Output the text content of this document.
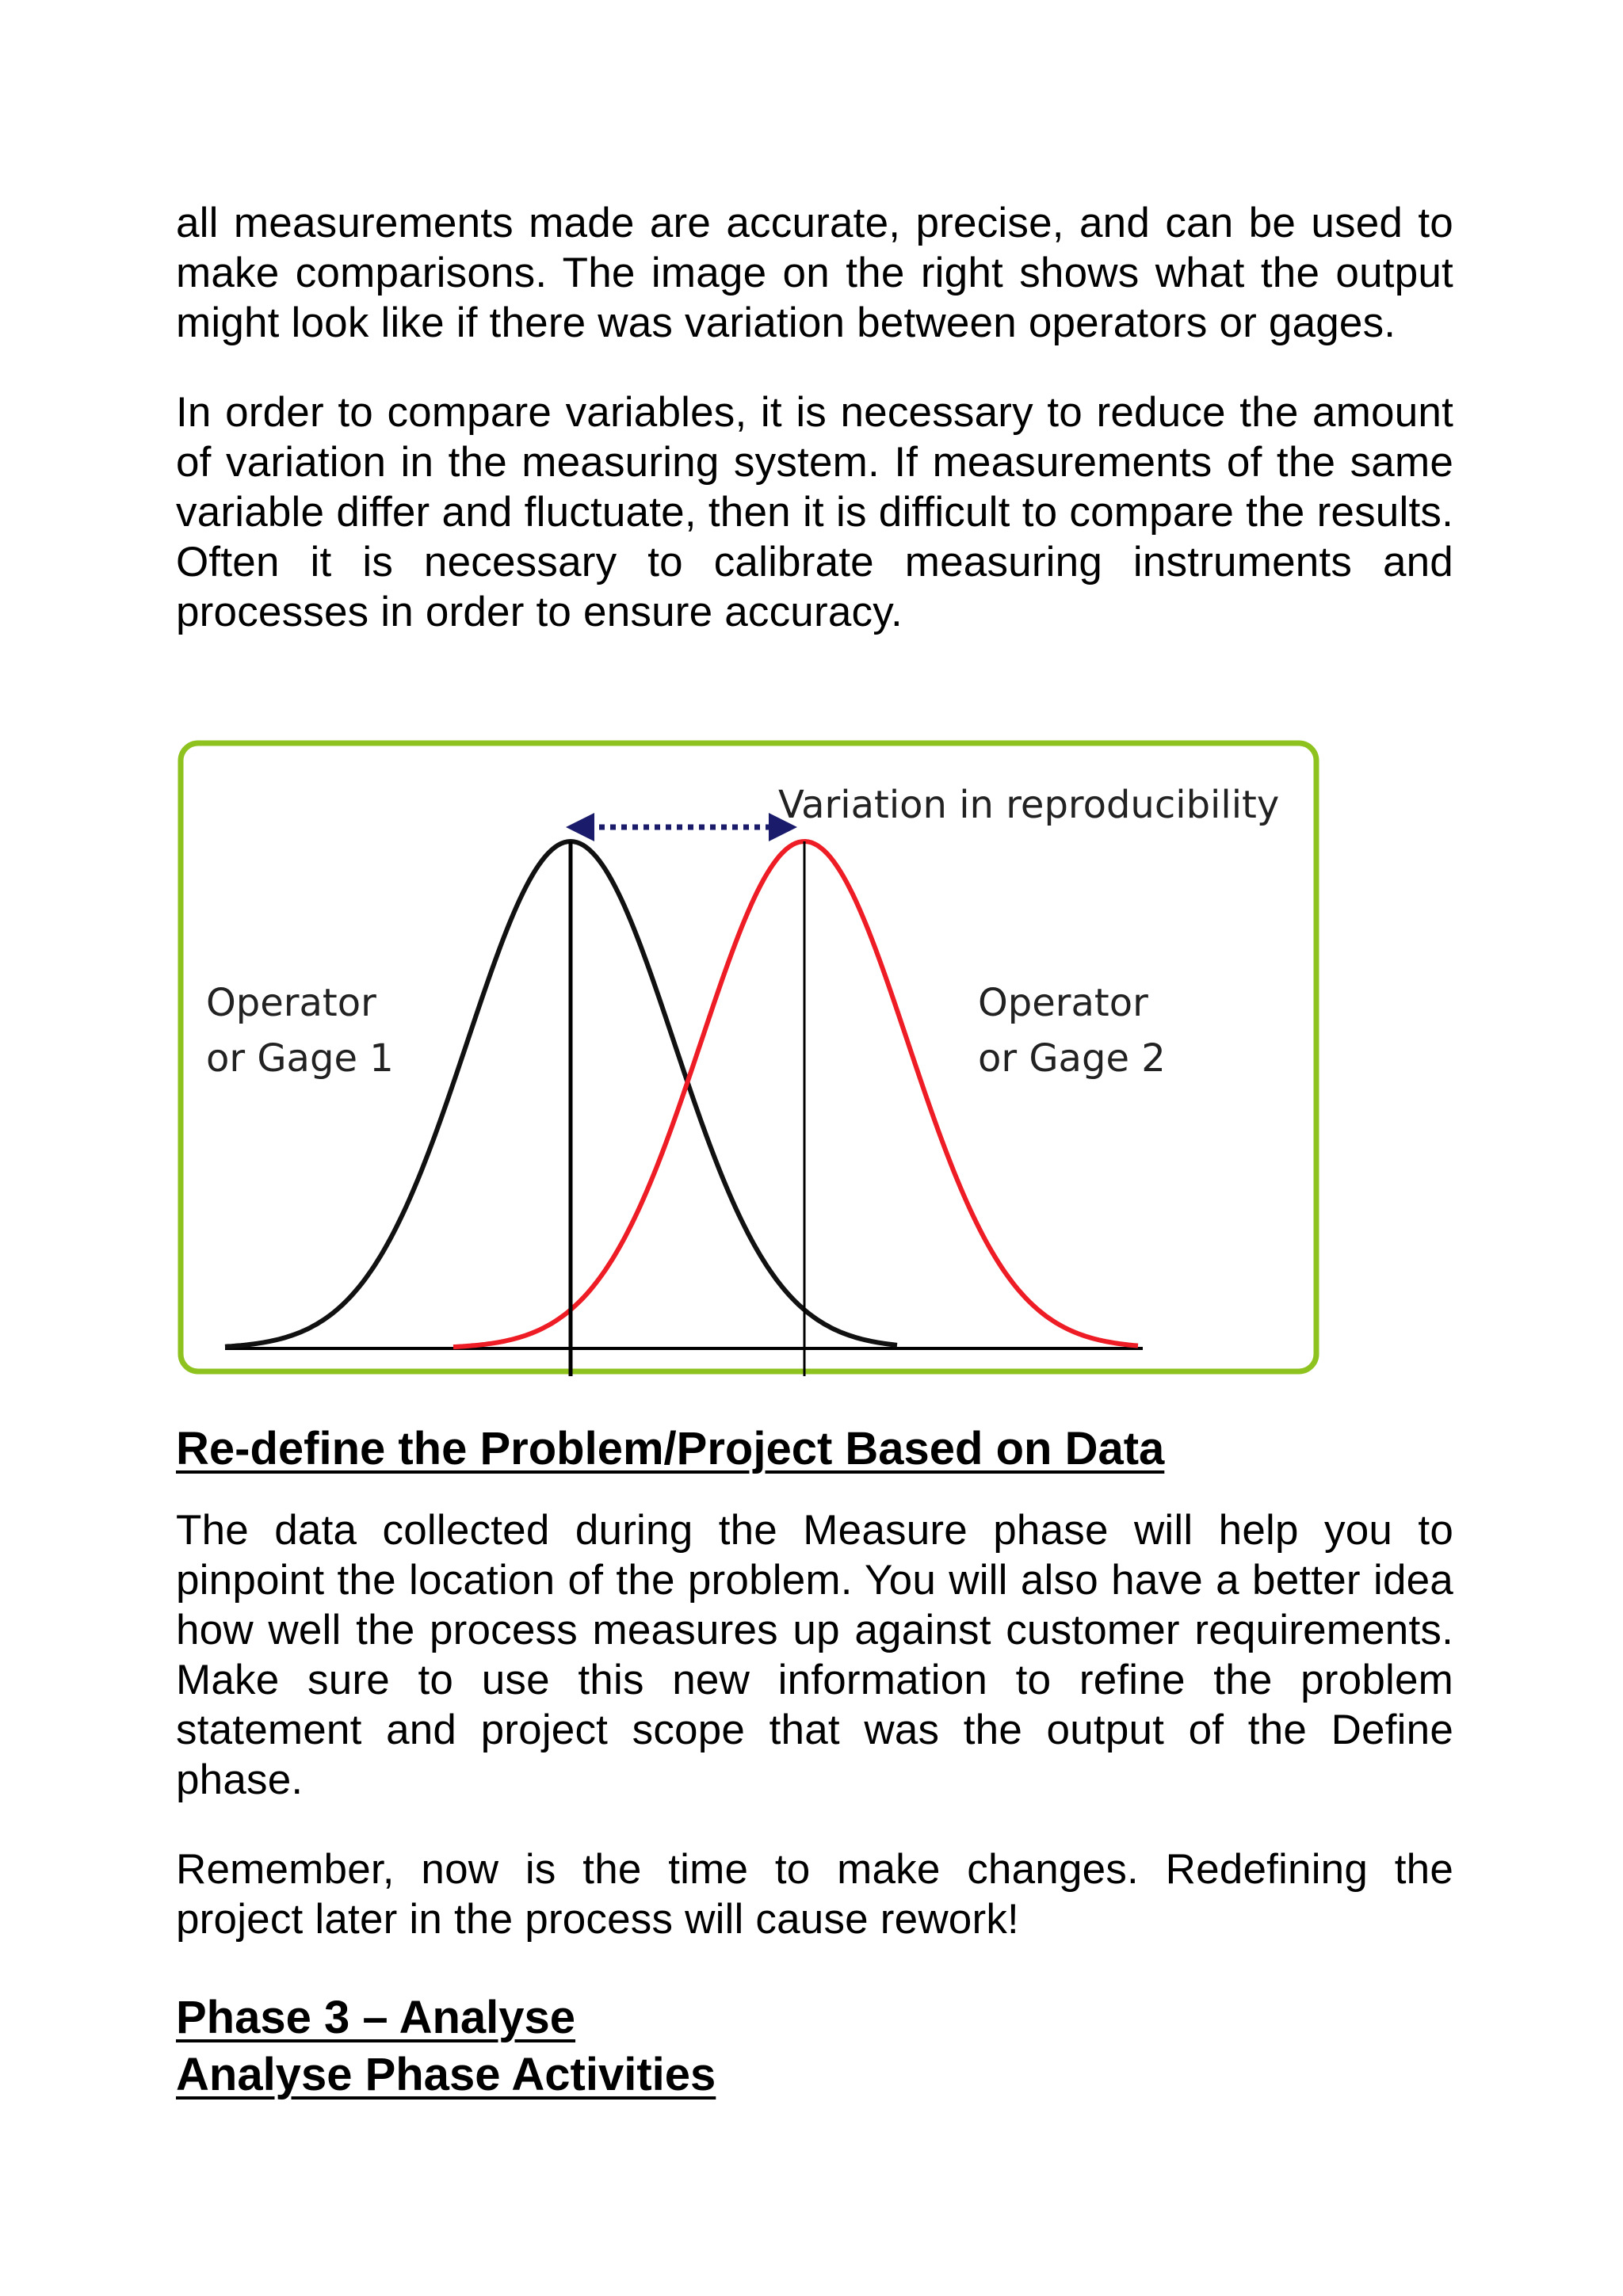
all measurements made are accurate, precise, and can be used to make comparisons. The image on the right shows what the output might look like if there was variation between operators or gages.

In order to compare variables, it is necessary to reduce the amount of variation in the measuring system. If measurements of the same variable differ and fluctuate, then it is difficult to compare the results. Often it is necessary to calibrate measuring instruments and processes in order to ensure accuracy.

Variation in reproducibility
Operator
or Gage 1
Operator
or Gage 2
Re-define the Problem/Project Based on Data

The data collected during the Measure phase will help you to pinpoint the location of the problem. You will also have a better idea how well the process measures up against customer requirements. Make sure to use this new information to refine the problem statement and project scope that was the output of the Define phase.

Remember, now is the time to make changes. Redefining the project later in the process will cause rework!

Phase 3 – Analyse
Analyse Phase Activities
